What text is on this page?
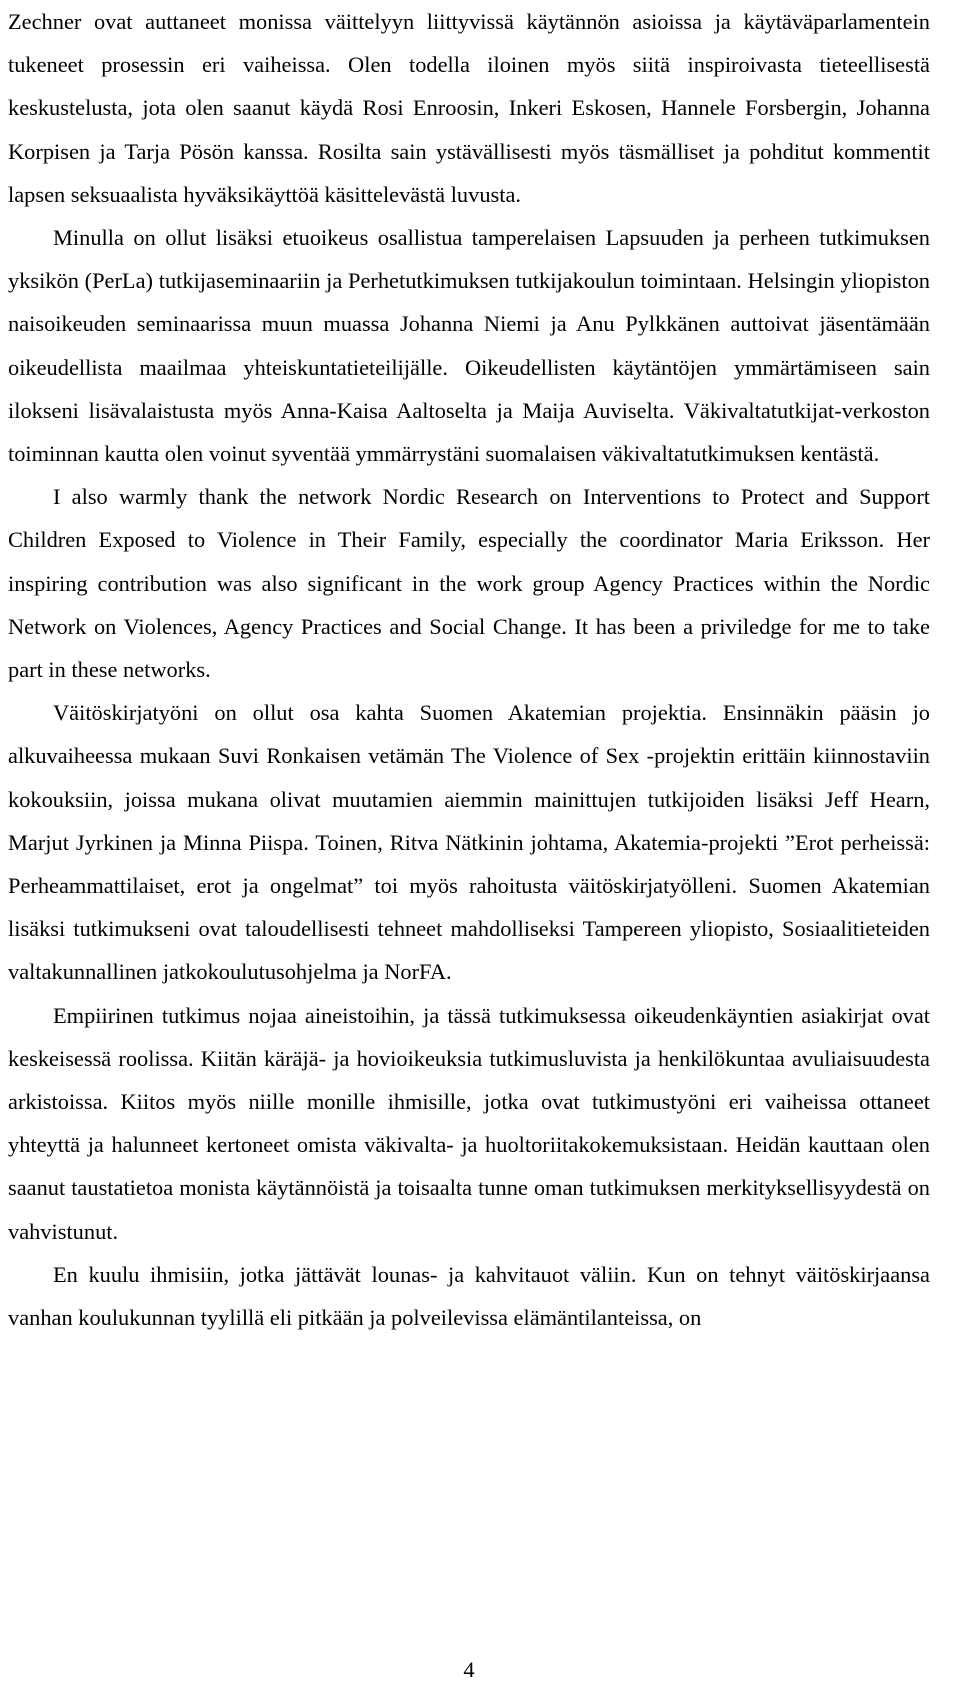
Zechner ovat auttaneet monissa väittelyyn liittyvissä käytännön asioissa ja käytäväparlamentein tukeneet prosessin eri vaiheissa. Olen todella iloinen myös siitä inspiroivasta tieteellisestä keskustelusta, jota olen saanut käydä Rosi Enroosin, Inkeri Eskosen, Hannele Forsbergin, Johanna Korpisen ja Tarja Pösön kanssa. Rosilta sain ystävällisesti myös täsmälliset ja pohditut kommentit lapsen seksuaalista hyväksikäyttöä käsittelevästä luvusta.

Minulla on ollut lisäksi etuoikeus osallistua tamperelaisen Lapsuuden ja perheen tutkimuksen yksikön (PerLa) tutkijaseminaariin ja Perhetutkimuksen tutkijakoulun toimintaan. Helsingin yliopiston naisoikeuden seminaarissa muun muassa Johanna Niemi ja Anu Pylkkänen auttoivat jäsentämään oikeudellista maailmaa yhteiskuntatieteilijälle. Oikeudellisten käytäntöjen ymmärtämiseen sain ilokseni lisävalaistusta myös Anna-Kaisa Aaltoselta ja Maija Auviselta. Väkivaltatutkijat-verkoston toiminnan kautta olen voinut syventää ymmärrystäni suomalaisen väkivaltatutkimuksen kentästä.

I also warmly thank the network Nordic Research on Interventions to Protect and Support Children Exposed to Violence in Their Family, especially the coordinator Maria Eriksson. Her inspiring contribution was also significant in the work group Agency Practices within the Nordic Network on Violences, Agency Practices and Social Change. It has been a priviledge for me to take part in these networks.

Väitöskirjatyöni on ollut osa kahta Suomen Akatemian projektia. Ensinnäkin pääsin jo alkuvaiheessa mukaan Suvi Ronkaisen vetämän The Violence of Sex -projektin erittäin kiinnostaviin kokouksiin, joissa mukana olivat muutamien aiemmin mainittujen tutkijoiden lisäksi Jeff Hearn, Marjut Jyrkinen ja Minna Piispa. Toinen, Ritva Nätkinin johtama, Akatemia-projekti ”Erot perheissä: Perheammattilaiset, erot ja ongelmat” toi myös rahoitusta väitöskirjatyölleni. Suomen Akatemian lisäksi tutkimukseni ovat taloudellisesti tehneet mahdolliseksi Tampereen yliopisto, Sosiaalitieteiden valtakunnallinen jatkokoulutusohjelma ja NorFA.

Empiirinen tutkimus nojaa aineistoihin, ja tässä tutkimuksessa oikeudenkäyntien asiakirjat ovat keskeisessä roolissa. Kiitän käräjä- ja hovioikeuksia tutkimusluvista ja henkilökuntaa avuliaisuudesta arkistoissa. Kiitos myös niille monille ihmisille, jotka ovat tutkimustyöni eri vaiheissa ottaneet yhteyttä ja halunneet kertoneet omista väkivalta- ja huoltoriitakokemuksistaan. Heidän kauttaan olen saanut taustatietoa monista käytännöistä ja toisaalta tunne oman tutkimuksen merkityksellisyydestä on vahvistunut.

En kuulu ihmisiin, jotka jättävät lounas- ja kahvitauot väliin. Kun on tehnyt väitöskirjaansa vanhan koulukunnan tyylillä eli pitkään ja polveilevissa elämäntilanteissa, on

4
